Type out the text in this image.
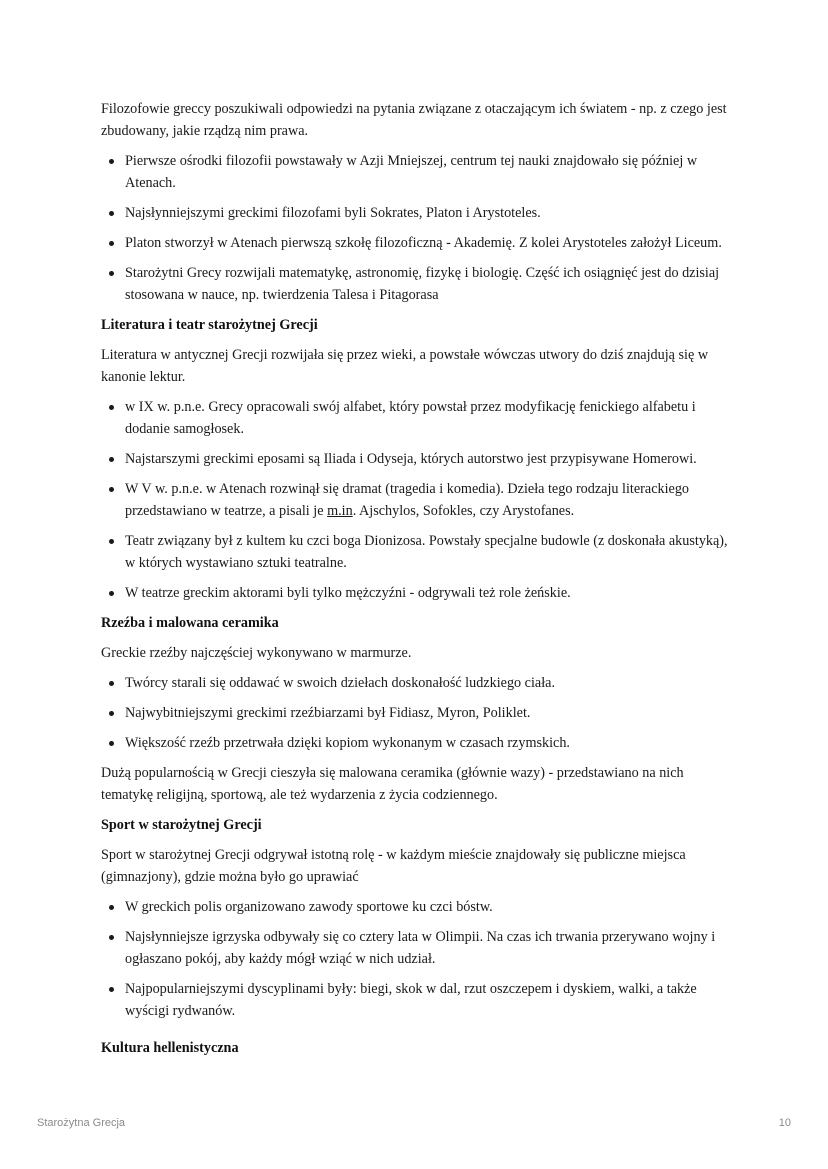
Filozofowie greccy poszukiwali odpowiedzi na pytania związane z otaczającym ich światem - np. z czego jest zbudowany, jakie rządzą nim prawa.

Pierwsze ośrodki filozofii powstawały w Azji Mniejszej, centrum tej nauki znajdowało się później w Atenach.
Najsłynniejszymi greckimi filozofami byli Sokrates, Platon i Arystoteles.
Platon stworzył w Atenach pierwszą szkołę filozoficzną - Akademię. Z kolei Arystoteles założył Liceum.
Starożytni Grecy rozwijali matematykę, astronomię, fizykę i biologię. Część ich osiągnięć jest do dzisiaj stosowana w nauce, np. twierdzenia Talesa i Pitagorasa
Literatura i teatr starożytnej Grecji

Literatura w antycznej Grecji rozwijała się przez wieki, a powstałe wówczas utwory do dziś znajdują się w kanonie lektur.

w IX w. p.n.e. Grecy opracowali swój alfabet, który powstał przez modyfikację fenickiego alfabetu i dodanie samogłosek.
Najstarszymi greckimi eposami są Iliada i Odyseja, których autorstwo jest przypisywane Homerowi.
W V w. p.n.e. w Atenach rozwinął się dramat (tragedia i komedia). Dzieła tego rodzaju literackiego przedstawiano w teatrze, a pisali je m.in. Ajschylos, Sofokles, czy Arystofanes.
Teatr związany był z kultem ku czci boga Dionizosa. Powstały specjalne budowle (z doskonała akustyką), w których wystawiano sztuki teatralne.
W teatrze greckim aktorami byli tylko mężczyźni - odgrywali też role żeńskie.
Rzeźba i malowana ceramika

Greckie rzeźby najczęściej wykonywano w marmurze.

Twórcy starali się oddawać w swoich dziełach doskonałość ludzkiego ciała.
Najwybitniejszymi greckimi rzeźbiarzami był Fidiasz, Myron, Poliklet.
Większość rzeźb przetrwała dzięki kopiom wykonanym w czasach rzymskich.

Dużą popularnością w Grecji cieszyła się malowana ceramika (głównie wazy) - przedstawiano na nich tematykę religijną, sportową, ale też wydarzenia z życia codziennego.

Sport w starożytnej Grecji

Sport w starożytnej Grecji odgrywał istotną rolę - w każdym mieście znajdowały się publiczne miejsca (gimnazjony), gdzie można było go uprawiać

W greckich polis organizowano zawody sportowe ku czci bóstw.
Najsłynniejsze igrzyska odbywały się co cztery lata w Olimpii. Na czas ich trwania przerywano wojny i ogłaszano pokój, aby każdy mógł wziąć w nich udział.
Najpopularniejszymi dyscyplinami były: biegi, skok w dal, rzut oszczepem i dyskiem, walki, a także wyścigi rydwanów.
Kultura hellenistyczna
Starożytna Grecja	10
